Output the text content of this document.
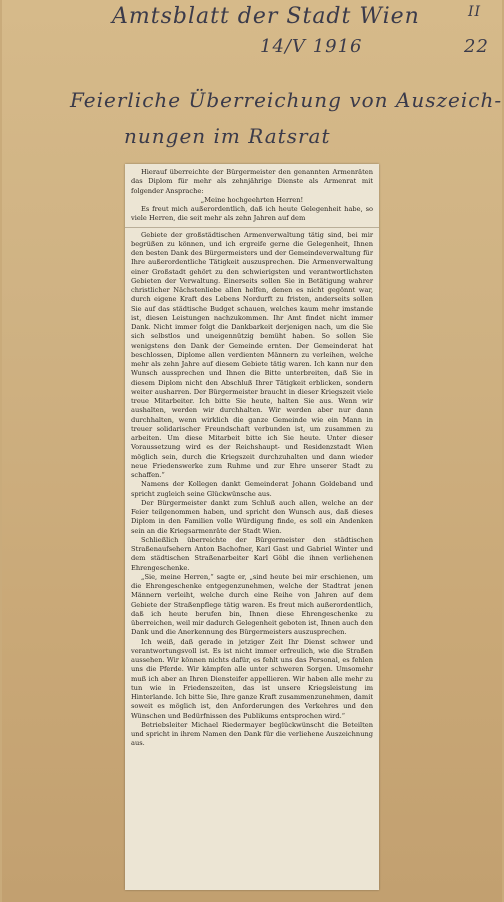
Amtsblatt der Stadt Wien	II
14/V 1916	22
Feierliche Überreichung von Auszeich-
nungen im Ratsrat

Hierauf überreichte der Bürgermeister den genannten Armenräten das Diplom für mehr als zehnjährige Dienste als Armenrat mit folgender Ansprache:

„Meine hochgeehrten Herren!

Es freut mich außerordentlich, daß ich heute Gelegenheit habe, so viele Herren, die seit mehr als zehn Jahren auf dem

Gebiete der großstädtischen Armenverwaltung tätig sind, bei mir begrüßen zu können, und ich ergreife gerne die Gelegenheit, Ihnen den besten Dank des Bürgermeisters und der Gemeindeverwaltung für Ihre außerordentliche Tätigkeit auszusprechen. Die Armenverwaltung einer Großstadt gehört zu den schwierigsten und verantwortlichsten Gebieten der Verwaltung. Einerseits sollen Sie in Betätigung wahrer christlicher Nächstenliebe allen helfen, denen es nicht gegönnt war, durch eigene Kraft des Lebens Nordurft zu fristen, anderseits sollen Sie auf das städtische Budget schauen, welches kaum mehr imstande ist, diesen Leistungen nachzukommen. Ihr Amt findet nicht immer Dank. Nicht immer folgt die Dankbarkeit derjenigen nach, um die Sie sich selbstlos und uneigennützig bemüht haben. So sollen Sie wenigstens den Dank der Gemeinde ernten. Der Gemeinderat hat beschlossen, Diplome allen verdienten Männern zu verleihen, welche mehr als zehn Jahre auf diesem Gebiete tätig waren. Ich kann nur den Wunsch aussprechen und Ihnen die Bitte unterbreiten, daß Sie in diesem Diplom nicht den Abschluß Ihrer Tätigkeit erblicken, sondern weiter ausharren. Der Bürgermeister braucht in dieser Kriegszeit viele treue Mitarbeiter. Ich bitte Sie heute, halten Sie aus. Wenn wir aushalten, werden wir durchhalten. Wir werden aber nur dann durchhalten, wenn wirklich die ganze Gemeinde wie ein Mann in treuer solidarischer Freundschaft verbunden ist, um zusammen zu arbeiten. Um diese Mitarbeit bitte ich Sie heute. Unter dieser Voraussetzung wird es der Reichshaupt- und Residenzstadt Wien möglich sein, durch die Kriegszeit durchzuhalten und dann wieder neue Friedenswerke zum Ruhme und zur Ehre unserer Stadt zu schaffen.“

Namens der Kollegen dankt Gemeinderat Johann Goldeband und spricht zugleich seine Glückwünsche aus.

Der Bürgermeister dankt zum Schluß auch allen, welche an der Feier teilgenommen haben, und spricht den Wunsch aus, daß dieses Diplom in den Familien volle Würdigung finde, es soll ein Andenken sein an die Kriegsarmenräte der Stadt Wien.

Schließlich überreichte der Bürgermeister den städtischen Straßenaufsehern Anton Bachofner, Karl Gast und Gabriel Winter und dem städtischen Straßenarbeiter Karl Göbl die ihnen verliehenen Ehrengeschenke.

„Sie, meine Herren,“ sagte er, „sind heute bei mir erschienen, um die Ehrengeschenke entgegenzunehmen, welche der Stadtrat jenen Männern verleiht, welche durch eine Reihe von Jahren auf dem Gebiete der Straßenpflege tätig waren. Es freut mich außerordentlich, daß ich heute berufen bin, Ihnen diese Ehrengeschenke zu überreichen, weil mir dadurch Gelegenheit geboten ist, Ihnen auch den Dank und die Anerkennung des Bürgermeisters auszusprechen.

Ich weiß, daß gerade in jetziger Zeit Ihr Dienst schwer und verantwortungsvoll ist. Es ist nicht immer erfreulich, wie die Straßen aussehen. Wir können nichts dafür, es fehlt uns das Personal, es fehlen uns die Pferde. Wir kämpfen alle unter schweren Sorgen. Umsomehr muß ich aber an Ihren Diensteifer appellieren. Wir haben alle mehr zu tun wie in Friedenszeiten, das ist unsere Kriegsleistung im Hinterlande. Ich bitte Sie, Ihre ganze Kraft zusammenzunehmen, damit soweit es möglich ist, den Anforderungen des Verkehres und den Wünschen und Bedürfnissen des Publikums entsprochen wird.“

Betriebsleiter Michael Riedermayer beglückwünscht die Beteilten und spricht in ihrem Namen den Dank für die verliehene Auszeichnung aus.
